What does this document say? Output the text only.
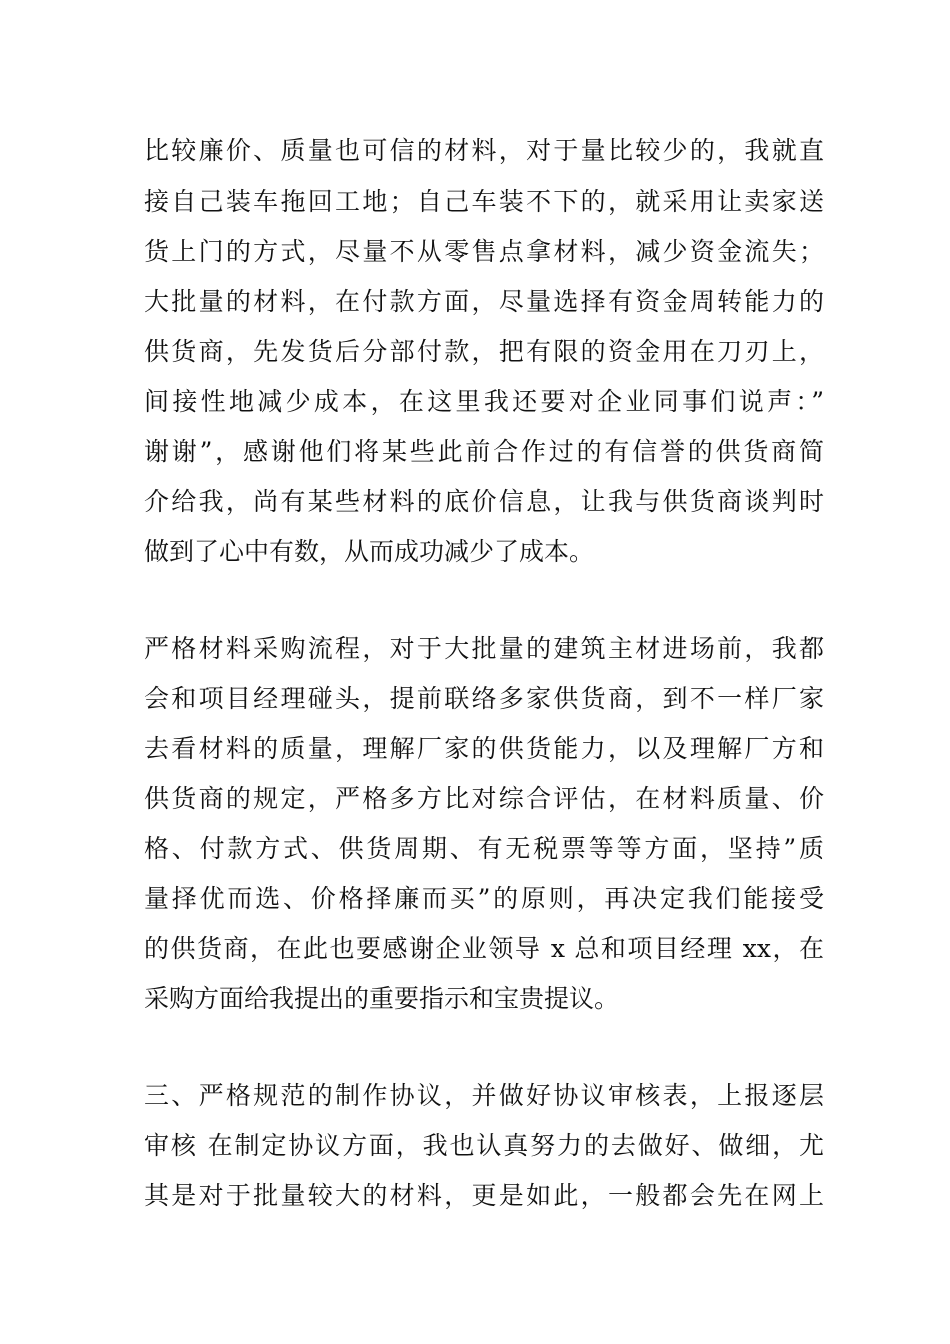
比较廉价、质量也可信的材料，对于量比较少的，我就直

接自己装车拖回工地；自己车装不下的，就采用让卖家送

货上门的方式，尽量不从零售点拿材料，减少资金流失；

大批量的材料，在付款方面，尽量选择有资金周转能力的

供货商，先发货后分部付款，把有限的资金用在刀刃上，

间接性地减少成本，在这里我还要对企业同事们说声：”

谢谢”，感谢他们将某些此前合作过的有信誉的供货商简

介给我，尚有某些材料的底价信息，让我与供货商谈判时

做到了心中有数，从而成功减少了成本。

严格材料采购流程，对于大批量的建筑主材进场前，我都

会和项目经理碰头，提前联络多家供货商，到不一样厂家

去看材料的质量，理解厂家的供货能力，以及理解厂方和

供货商的规定，严格多方比对综合评估，在材料质量、价

格、付款方式、供货周期、有无税票等等方面，坚持”质

量择优而选、价格择廉而买”的原则，再决定我们能接受

的供货商，在此也要感谢企业领导 x 总和项目经理 xx，在

采购方面给我提出的重要指示和宝贵提议。

三、严格规范的制作协议，并做好协议审核表，上报逐层

审核 在制定协议方面，我也认真努力的去做好、做细，尤

其是对于批量较大的材料，更是如此，一般都会先在网上
